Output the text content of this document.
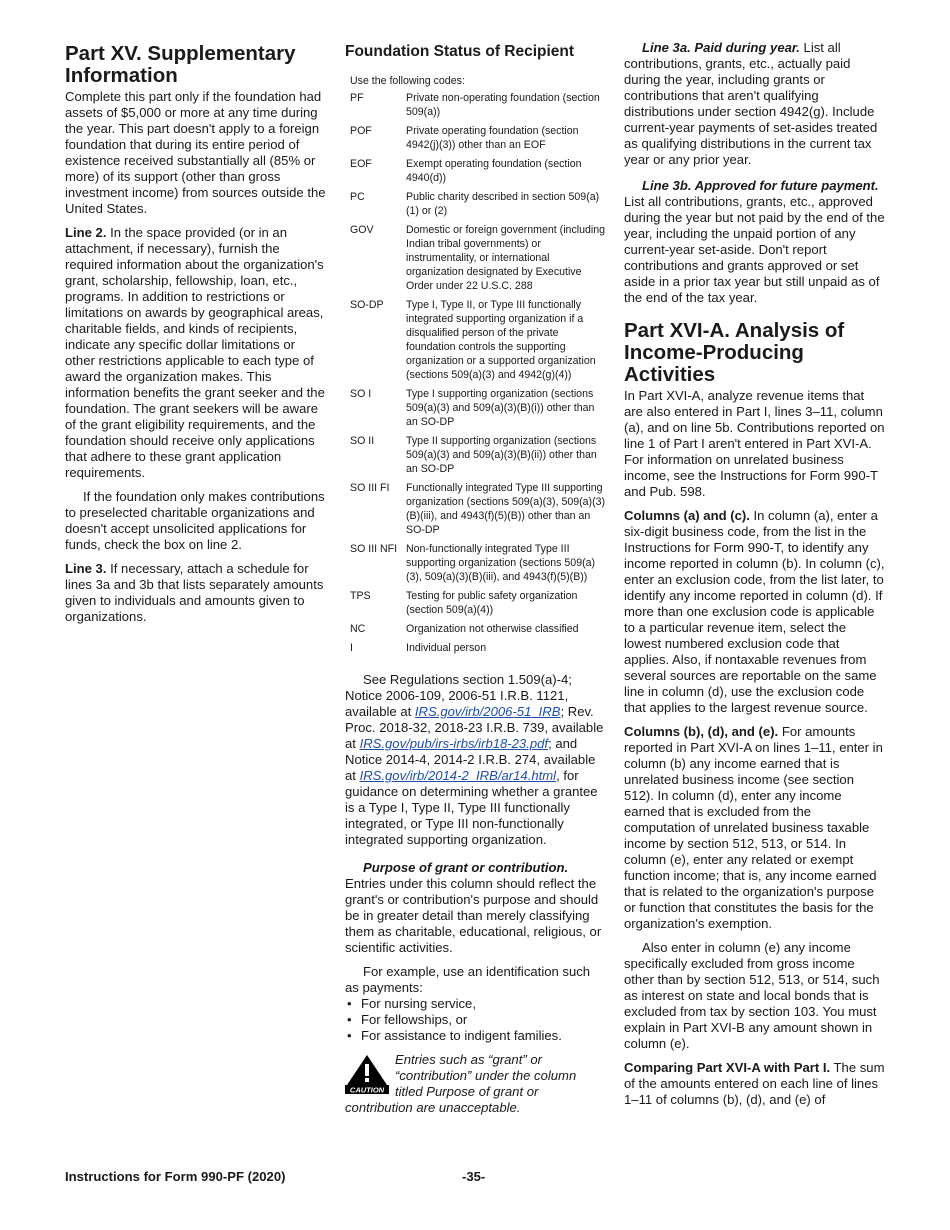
Part XV. Supplementary Information

Complete this part only if the foundation had assets of $5,000 or more at any time during the year. This part doesn't apply to a foreign foundation that during its entire period of existence received substantially all (85% or more) of its support (other than gross investment income) from sources outside the United States.

Line 2. In the space provided (or in an attachment, if necessary), furnish the required information about the organization's grant, scholarship, fellowship, loan, etc., programs. In addition to restrictions or limitations on awards by geographical areas, charitable fields, and kinds of recipients, indicate any specific dollar limitations or other restrictions applicable to each type of award the organization makes. This information benefits the grant seeker and the foundation. The grant seekers will be aware of the grant eligibility requirements, and the foundation should receive only applications that adhere to these grant application requirements.

If the foundation only makes contributions to preselected charitable organizations and doesn't accept unsolicited applications for funds, check the box on line 2.

Line 3. If necessary, attach a schedule for lines 3a and 3b that lists separately amounts given to individuals and amounts given to organizations.

Foundation Status of Recipient
Use the following codes:
PF	Private non-operating foundation (section 509(a))
POF	Private operating foundation (section 4942(j)(3)) other than an EOF
EOF	Exempt operating foundation (section 4940(d))
PC	Public charity described in section 509(a)(1) or (2)
GOV	Domestic or foreign government (including Indian tribal governments) or instrumentality, or international organization designated by Executive Order under 22 U.S.C. 288
SO-DP	Type I, Type II, or Type III functionally integrated supporting organization if a disqualified person of the private foundation controls the supporting organization or a supported organization (sections 509(a)(3) and 4942(g)(4))
SO I	Type I supporting organization (sections 509(a)(3) and 509(a)(3)(B)(i)) other than an SO-DP
SO II	Type II supporting organization (sections 509(a)(3) and 509(a)(3)(B)(ii)) other than an SO-DP
SO III FI	Functionally integrated Type III supporting organization (sections 509(a)(3), 509(a)(3)(B)(iii), and 4943(f)(5)(B)) other than an SO-DP
SO III NFI	Non-functionally integrated Type III supporting organization (sections 509(a)(3), 509(a)(3)(B)(iii), and 4943(f)(5)(B))
TPS	Testing for public safety organization (section 509(a)(4))
NC	Organization not otherwise classified
I	Individual person

See Regulations section 1.509(a)-4; Notice 2006-109, 2006-51 I.R.B. 1121, available at IRS.gov/irb/2006-51_IRB; Rev. Proc. 2018-32, 2018-23 I.R.B. 739, available at IRS.gov/pub/irs-irbs/irb18-23.pdf; and Notice 2014-4, 2014-2 I.R.B. 274, available at IRS.gov/irb/2014-2_IRB/ar14.html, for guidance on determining whether a grantee is a Type I, Type II, Type III functionally integrated, or Type III non-functionally integrated supporting organization.

Purpose of grant or contribution. Entries under this column should reflect the grant's or contribution's purpose and should be in greater detail than merely classifying them as charitable, educational, religious, or scientific activities.

For example, use an identification such as payments:

• For nursing service,
• For fellowships, or
• For assistance to indigent families.
CAUTION
Entries such as “grant” or “contribution” under the column titled Purpose of grant or contribution are unacceptable.

Line 3a. Paid during year. List all contributions, grants, etc., actually paid during the year, including grants or contributions that aren't qualifying distributions under section 4942(g). Include current-year payments of set-asides treated as qualifying distributions in the current tax year or any prior year.

Line 3b. Approved for future payment. List all contributions, grants, etc., approved during the year but not paid by the end of the year, including the unpaid portion of any current-year set-aside. Don't report contributions and grants approved or set aside in a prior tax year but still unpaid as of the end of the tax year.

Part XVI-A. Analysis of Income-Producing Activities

In Part XVI-A, analyze revenue items that are also entered in Part I, lines 3–11, column (a), and on line 5b. Contributions reported on line 1 of Part I aren't entered in Part XVI-A. For information on unrelated business income, see the Instructions for Form 990-T and Pub. 598.

Columns (a) and (c). In column (a), enter a six-digit business code, from the list in the Instructions for Form 990-T, to identify any income reported in column (b). In column (c), enter an exclusion code, from the list later, to identify any income reported in column (d). If more than one exclusion code is applicable to a particular revenue item, select the lowest numbered exclusion code that applies. Also, if nontaxable revenues from several sources are reportable on the same line in column (d), use the exclusion code that applies to the largest revenue source.

Columns (b), (d), and (e). For amounts reported in Part XVI-A on lines 1–11, enter in column (b) any income earned that is unrelated business income (see section 512). In column (d), enter any income earned that is excluded from the computation of unrelated business taxable income by section 512, 513, or 514. In column (e), enter any related or exempt function income; that is, any income earned that is related to the organization's purpose or function that constitutes the basis for the organization's exemption.

Also enter in column (e) any income specifically excluded from gross income other than by section 512, 513, or 514, such as interest on state and local bonds that is excluded from tax by section 103. You must explain in Part XVI-B any amount shown in column (e).

Comparing Part XVI-A with Part I. The sum of the amounts entered on each line of lines 1–11 of columns (b), (d), and (e) of

Instructions for Form 990-PF (2020)	-35-
